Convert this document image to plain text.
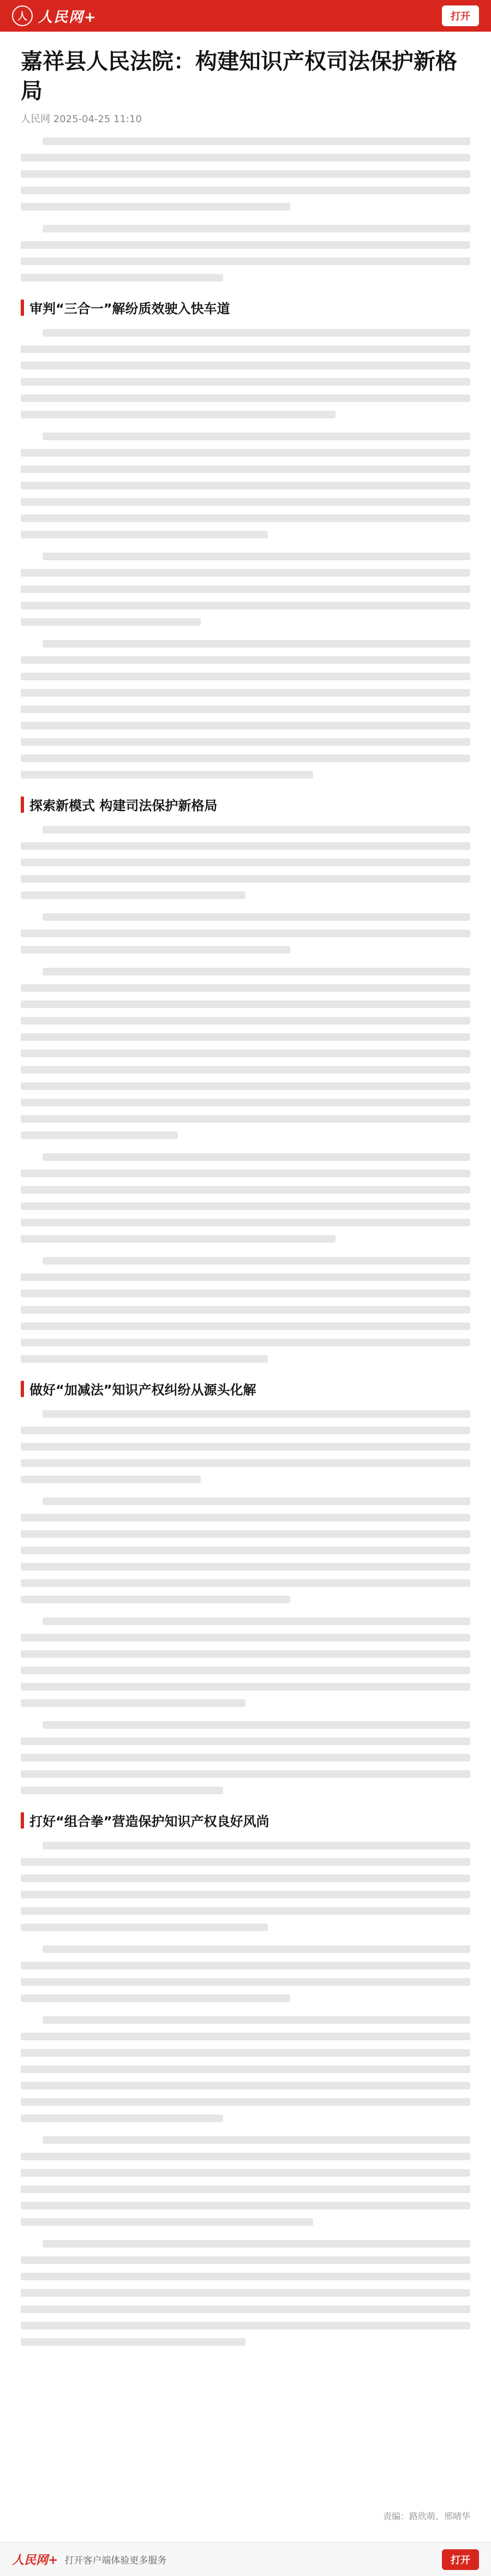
人 人民网+	打开
嘉祥县人民法院：构建知识产权司法保护新格局
人民网 2025-04-25 11:10
审判“三合一”解纷质效驶入快车道
探索新模式 构建司法保护新格局
做好“加减法”知识产权纠纷从源头化解
打好“组合拳”营造保护知识产权良好风尚
责编：路欣萌、邢晴华
人民网+ 打开客户端体验更多服务	打开
